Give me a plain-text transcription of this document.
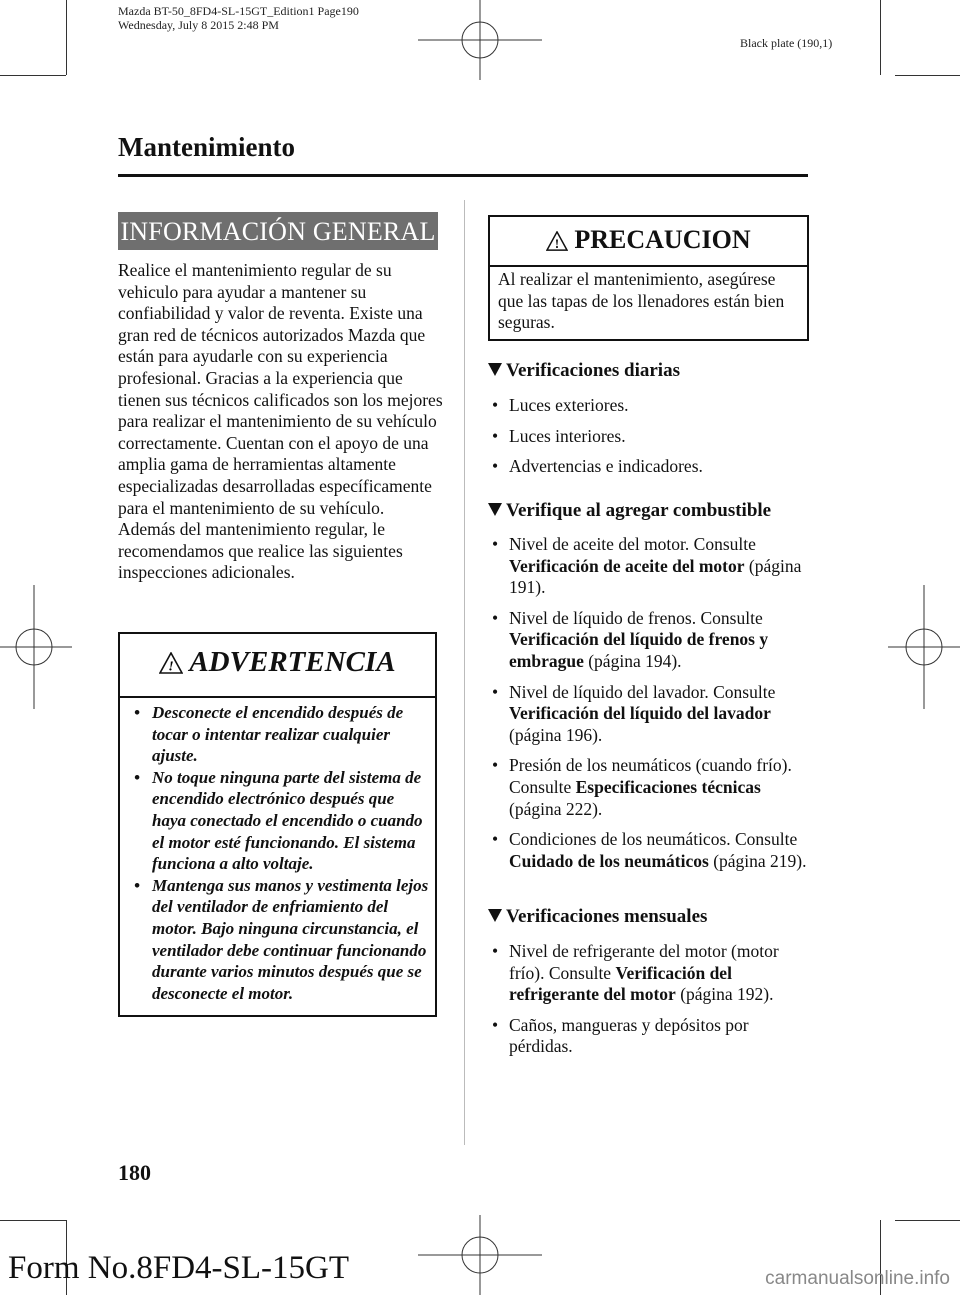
Mazda BT-50_8FD4-SL-15GT_Edition1 Page190
Wednesday, July 8 2015 2:48 PM
Black plate (190,1)
Mantenimiento
INFORMACIÓN GENERAL
Realice el mantenimiento regular de su vehiculo para ayudar a mantener su confiabilidad y valor de reventa. Existe una gran red de técnicos autorizados Mazda que están para ayudarle con su experiencia profesional. Gracias a la experiencia que tienen sus técnicos calificados son los mejores para realizar el mantenimiento de su vehículo correctamente. Cuentan con el apoyo de una amplia gama de herramientas altamente especializadas desarrolladas específicamente para el mantenimiento de su vehículo.
Además del mantenimiento regular, le recomendamos que realice las siguientes inspecciones adicionales.
! ADVERTENCIA
• Desconecte el encendido después de tocar o intentar realizar cualquier ajuste.
• No toque ninguna parte del sistema de encendido electrónico después que haya conectado el encendido o cuando el motor esté funcionando. El sistema funciona a alto voltaje.
• Mantenga sus manos y vestimenta lejos del ventilador de enfriamiento del motor. Bajo ninguna circunstancia, el ventilador debe continuar funcionando durante varios minutos después que se desconecte el motor.
! PRECAUCION
Al realizar el mantenimiento, asegúrese que las tapas de los llenadores están bien seguras.
Verificaciones diarias
• Luces exteriores.
• Luces interiores.
• Advertencias e indicadores.
Verifique al agregar combustible
• Nivel de aceite del motor. Consulte Verificación de aceite del motor (página 191).
• Nivel de líquido de frenos. Consulte Verificación del líquido de frenos y embrague (página 194).
• Nivel de líquido del lavador. Consulte Verificación del líquido del lavador (página 196).
• Presión de los neumáticos (cuando frío). Consulte Especificaciones técnicas (página 222).
• Condiciones de los neumáticos. Consulte Cuidado de los neumáticos (página 219).
Verificaciones mensuales
• Nivel de refrigerante del motor (motor frío). Consulte Verificación del refrigerante del motor (página 192).
• Caños, mangueras y depósitos por pérdidas.
180
Form No.8FD4-SL-15GT	carmanualsonline.info
